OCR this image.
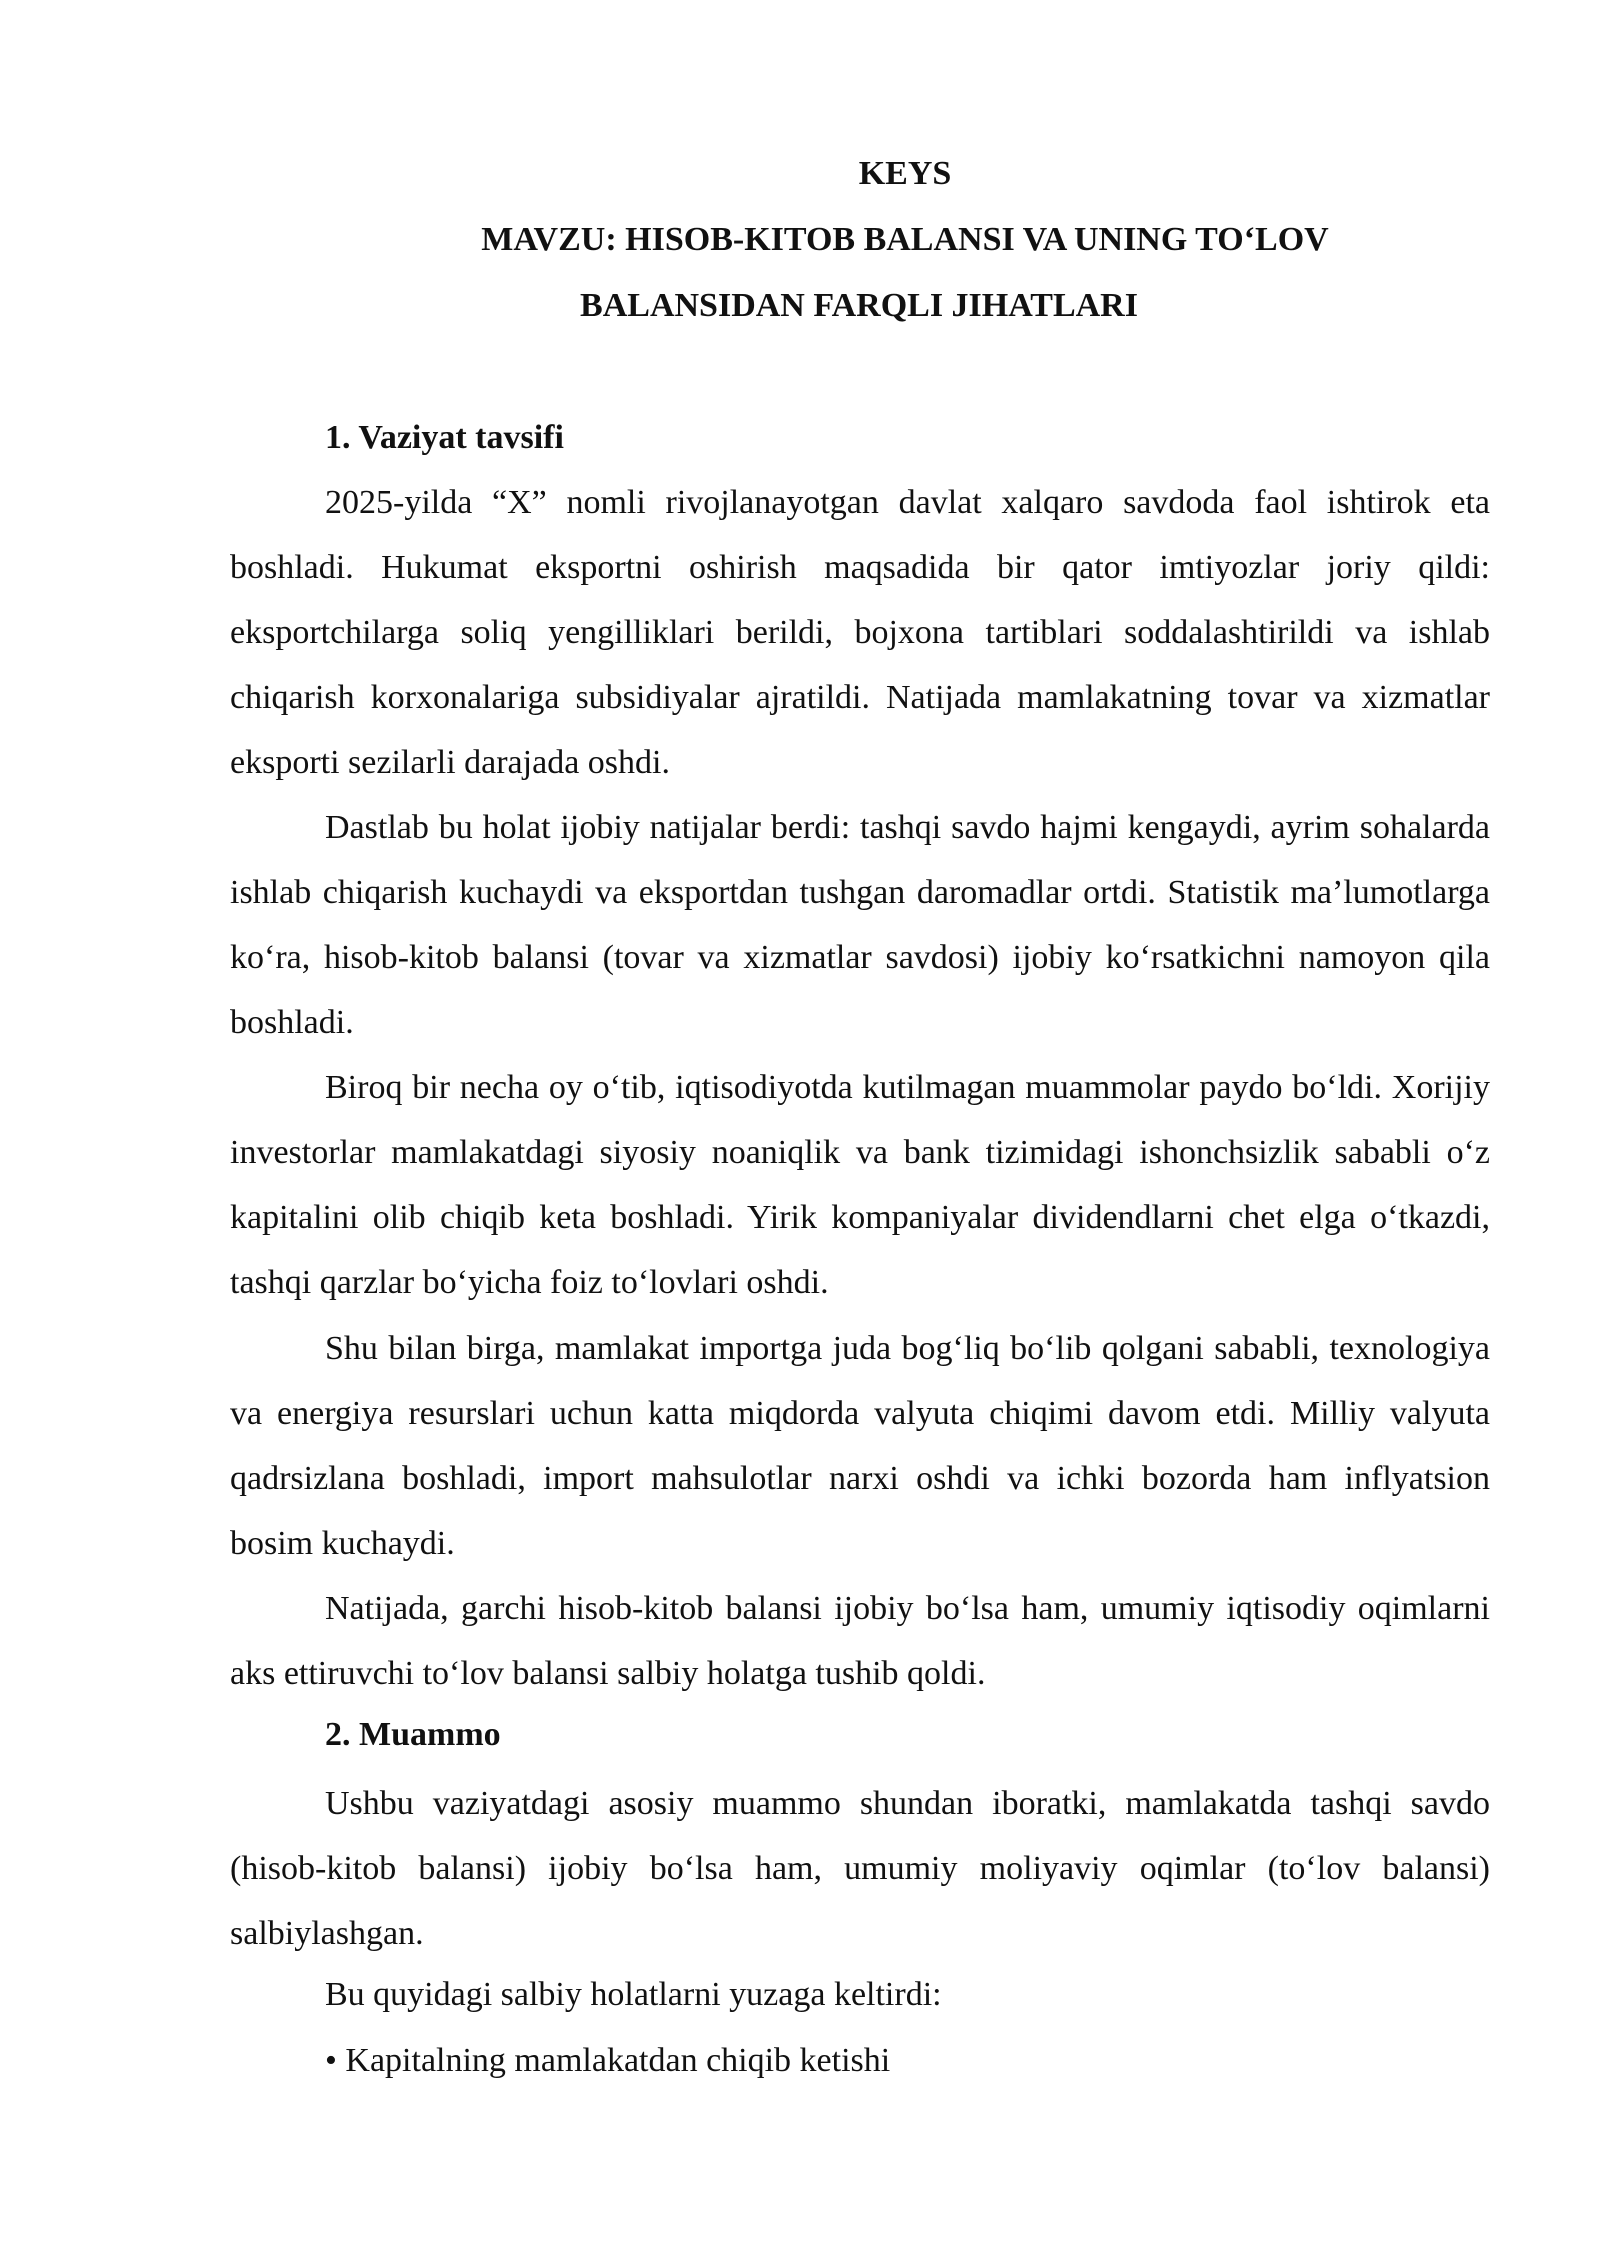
KEYS
MAVZU: HISOB-KITOB BALANSI VA UNING TO‘LOV
BALANSIDAN FARQLI JIHATLARI
1. Vaziyat tavsifi

2025-yilda “X” nomli rivojlanayotgan davlat xalqaro savdoda faol ishtirok eta boshladi. Hukumat eksportni oshirish maqsadida bir qator imtiyozlar joriy qildi: eksportchilarga soliq yengilliklari berildi, bojxona tartiblari soddalashtirildi va ishlab chiqarish korxonalariga subsidiyalar ajratildi. Natijada mamlakatning tovar va xizmatlar eksporti sezilarli darajada oshdi.

Dastlab bu holat ijobiy natijalar berdi: tashqi savdo hajmi kengaydi, ayrim sohalarda ishlab chiqarish kuchaydi va eksportdan tushgan daromadlar ortdi. Statistik ma’lumotlarga ko‘ra, hisob-kitob balansi (tovar va xizmatlar savdosi) ijobiy ko‘rsatkichni namoyon qila boshladi.

Biroq bir necha oy o‘tib, iqtisodiyotda kutilmagan muammolar paydo bo‘ldi. Xorijiy investorlar mamlakatdagi siyosiy noaniqlik va bank tizimidagi ishonchsizlik sababli o‘z kapitalini olib chiqib keta boshladi. Yirik kompaniyalar dividendlarni chet elga o‘tkazdi, tashqi qarzlar bo‘yicha foiz to‘lovlari oshdi.

Shu bilan birga, mamlakat importga juda bog‘liq bo‘lib qolgani sababli, texnologiya va energiya resurslari uchun katta miqdorda valyuta chiqimi davom etdi. Milliy valyuta qadrsizlana boshladi, import mahsulotlar narxi oshdi va ichki bozorda ham inflyatsion bosim kuchaydi.

Natijada, garchi hisob-kitob balansi ijobiy bo‘lsa ham, umumiy iqtisodiy oqimlarni aks ettiruvchi to‘lov balansi salbiy holatga tushib qoldi.

2. Muammo

Ushbu vaziyatdagi asosiy muammo shundan iboratki, mamlakatda tashqi savdo (hisob-kitob balansi) ijobiy bo‘lsa ham, umumiy moliyaviy oqimlar (to‘lov balansi) salbiylashgan.

Bu quyidagi salbiy holatlarni yuzaga keltirdi:
• Kapitalning mamlakatdan chiqib ketishi
